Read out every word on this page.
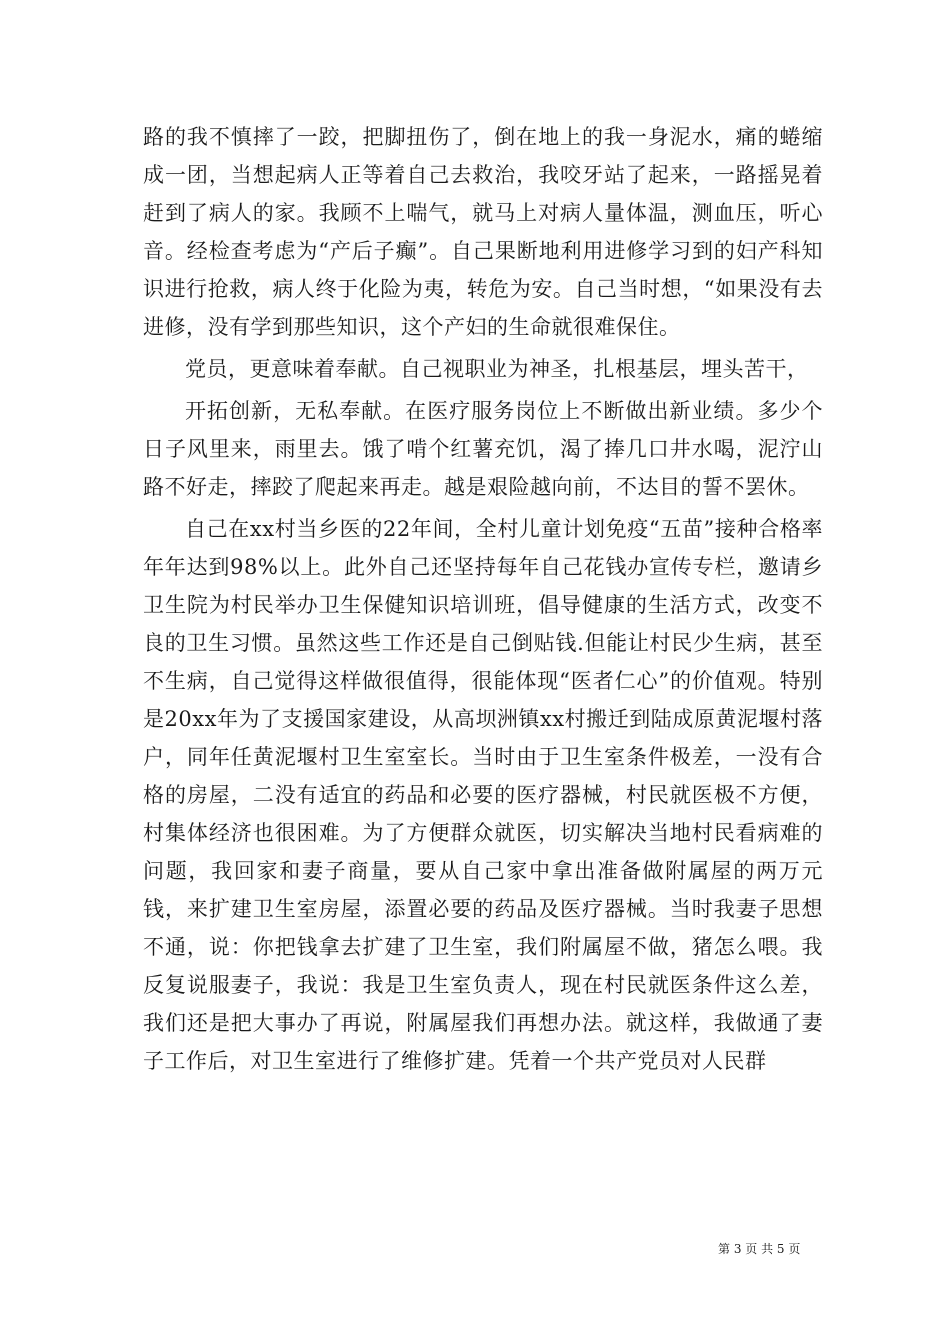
路的我不慎摔了一跤，把脚扭伤了，倒在地上的我一身泥水，痛的蜷缩成一团，当想起病人正等着自己去救治，我咬牙站了起来，一路摇晃着赶到了病人的家。我顾不上喘气，就马上对病人量体温，测血压，听心音。经检查考虑为“产后子癫”。自己果断地利用进修学习到的妇产科知识进行抢救，病人终于化险为夷，转危为安。自己当时想，“如果没有去进修，没有学到那些知识，这个产妇的生命就很难保住。

党员，更意味着奉献。自己视职业为神圣，扎根基层，埋头苦干，

开拓创新，无私奉献。在医疗服务岗位上不断做出新业绩。多少个日子风里来，雨里去。饿了啃个红薯充饥，渴了捧几口井水喝，泥泞山路不好走，摔跤了爬起来再走。越是艰险越向前，不达目的誓不罢休。

自己在xx村当乡医的22年间，全村儿童计划免疫“五苗”接种合格率年年达到98%以上。此外自己还坚持每年自己花钱办宣传专栏，邀请乡卫生院为村民举办卫生保健知识培训班，倡导健康的生活方式，改变不良的卫生习惯。虽然这些工作还是自己倒贴钱.但能让村民少生病，甚至不生病，自己觉得这样做很值得，很能体现“医者仁心”的价值观。特别是20xx年为了支援国家建设，从高坝洲镇xx村搬迁到陆成原黄泥堰村落户，同年任黄泥堰村卫生室室长。当时由于卫生室条件极差，一没有合格的房屋，二没有适宜的药品和必要的医疗器械，村民就医极不方便，村集体经济也很困难。为了方便群众就医，切实解决当地村民看病难的问题，我回家和妻子商量，要从自己家中拿出准备做附属屋的两万元钱，来扩建卫生室房屋，添置必要的药品及医疗器械。当时我妻子思想不通，说：你把钱拿去扩建了卫生室，我们附属屋不做，猪怎么喂。我反复说服妻子，我说：我是卫生室负责人，现在村民就医条件这么差，我们还是把大事办了再说，附属屋我们再想办法。就这样，我做通了妻子工作后，对卫生室进行了维修扩建。凭着一个共产党员对人民群

第 3 页 共 5 页
